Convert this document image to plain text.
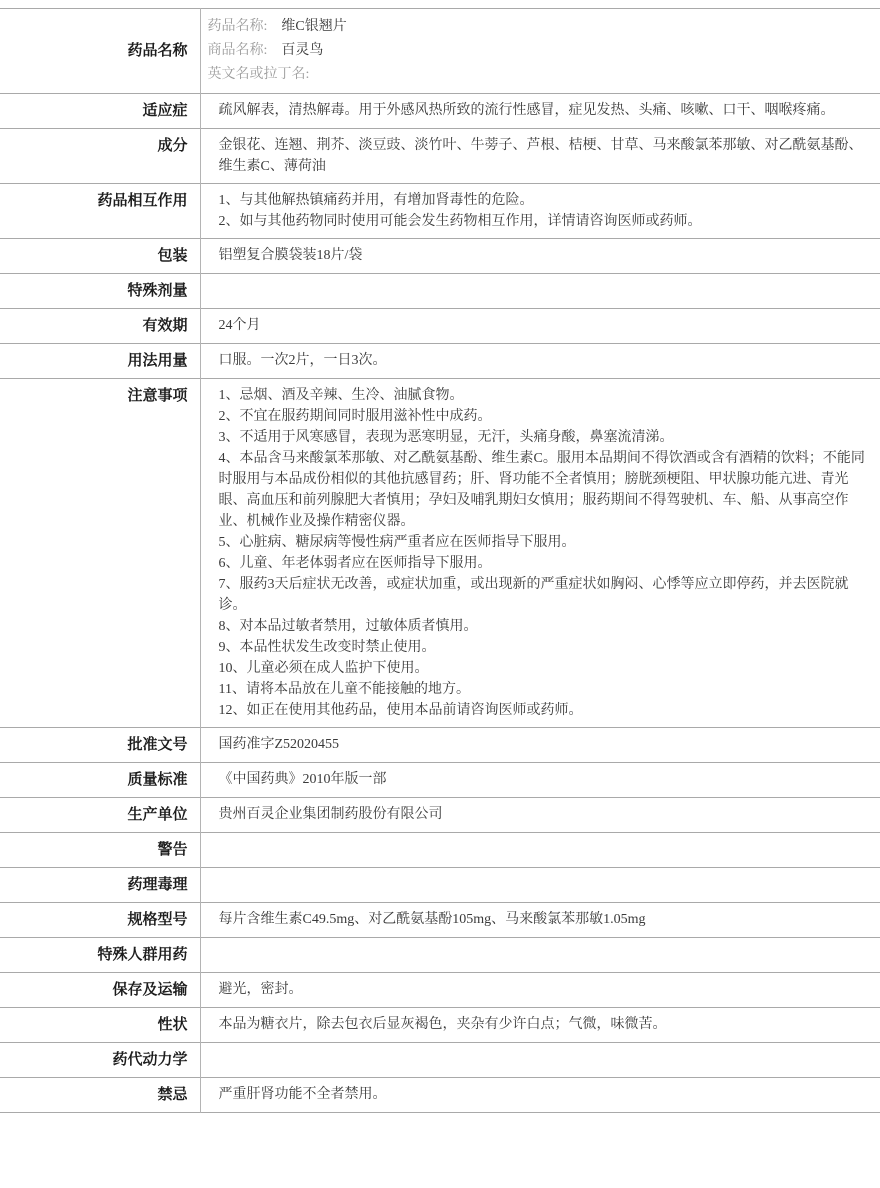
药品名称	药品名称: 维C银翘片
商品名称: 百灵鸟
英文名或拉丁名:

适应症	疏风解表，清热解毒。用于外感风热所致的流行性感冒，症见发热、头痛、咳嗽、口干、咽喉疼痛。

成分	金银花、连翘、荆芥、淡豆豉、淡竹叶、牛蒡子、芦根、桔梗、甘草、马来酸氯苯那敏、对乙酰氨基酚、维生素C、薄荷油

药品相互作用	1、与其他解热镇痛药并用，有增加肾毒性的危险。
2、如与其他药物同时使用可能会发生药物相互作用，详情请咨询医师或药师。

包装	铝塑复合膜袋装18片/袋

特殊剂量	
有效期	24个月

用法用量	口服。一次2片，一日3次。

注意事项	1、忌烟、酒及辛辣、生冷、油腻食物。
2、不宜在服药期间同时服用滋补性中成药。
3、不适用于风寒感冒，表现为恶寒明显，无汗，头痛身酸，鼻塞流清涕。
4、本品含马来酸氯苯那敏、对乙酰氨基酚、维生素C。服用本品期间不得饮酒或含有酒精的饮料；不能同时服用与本品成份相似的其他抗感冒药；肝、肾功能不全者慎用；膀胱颈梗阻、甲状腺功能亢进、青光眼、高血压和前列腺肥大者慎用；孕妇及哺乳期妇女慎用；服药期间不得驾驶机、车、船、从事高空作业、机械作业及操作精密仪器。
5、心脏病、糖尿病等慢性病严重者应在医师指导下服用。
6、儿童、年老体弱者应在医师指导下服用。
7、服药3天后症状无改善，或症状加重，或出现新的严重症状如胸闷、心悸等应立即停药，并去医院就诊。
8、对本品过敏者禁用，过敏体质者慎用。
9、本品性状发生改变时禁止使用。
10、儿童必须在成人监护下使用。
11、请将本品放在儿童不能接触的地方。
12、如正在使用其他药品，使用本品前请咨询医师或药师。

批准文号	国药准字Z52020455

质量标准	《中国药典》2010年版一部

生产单位	贵州百灵企业集团制药股份有限公司

警告	
药理毒理	
规格型号	每片含维生素C49.5mg、对乙酰氨基酚105mg、马来酸氯苯那敏1.05mg

特殊人群用药	
保存及运输	避光，密封。

性状	本品为糖衣片，除去包衣后显灰褐色，夹杂有少许白点；气微，味微苦。

药代动力学	
禁忌	严重肝肾功能不全者禁用。
